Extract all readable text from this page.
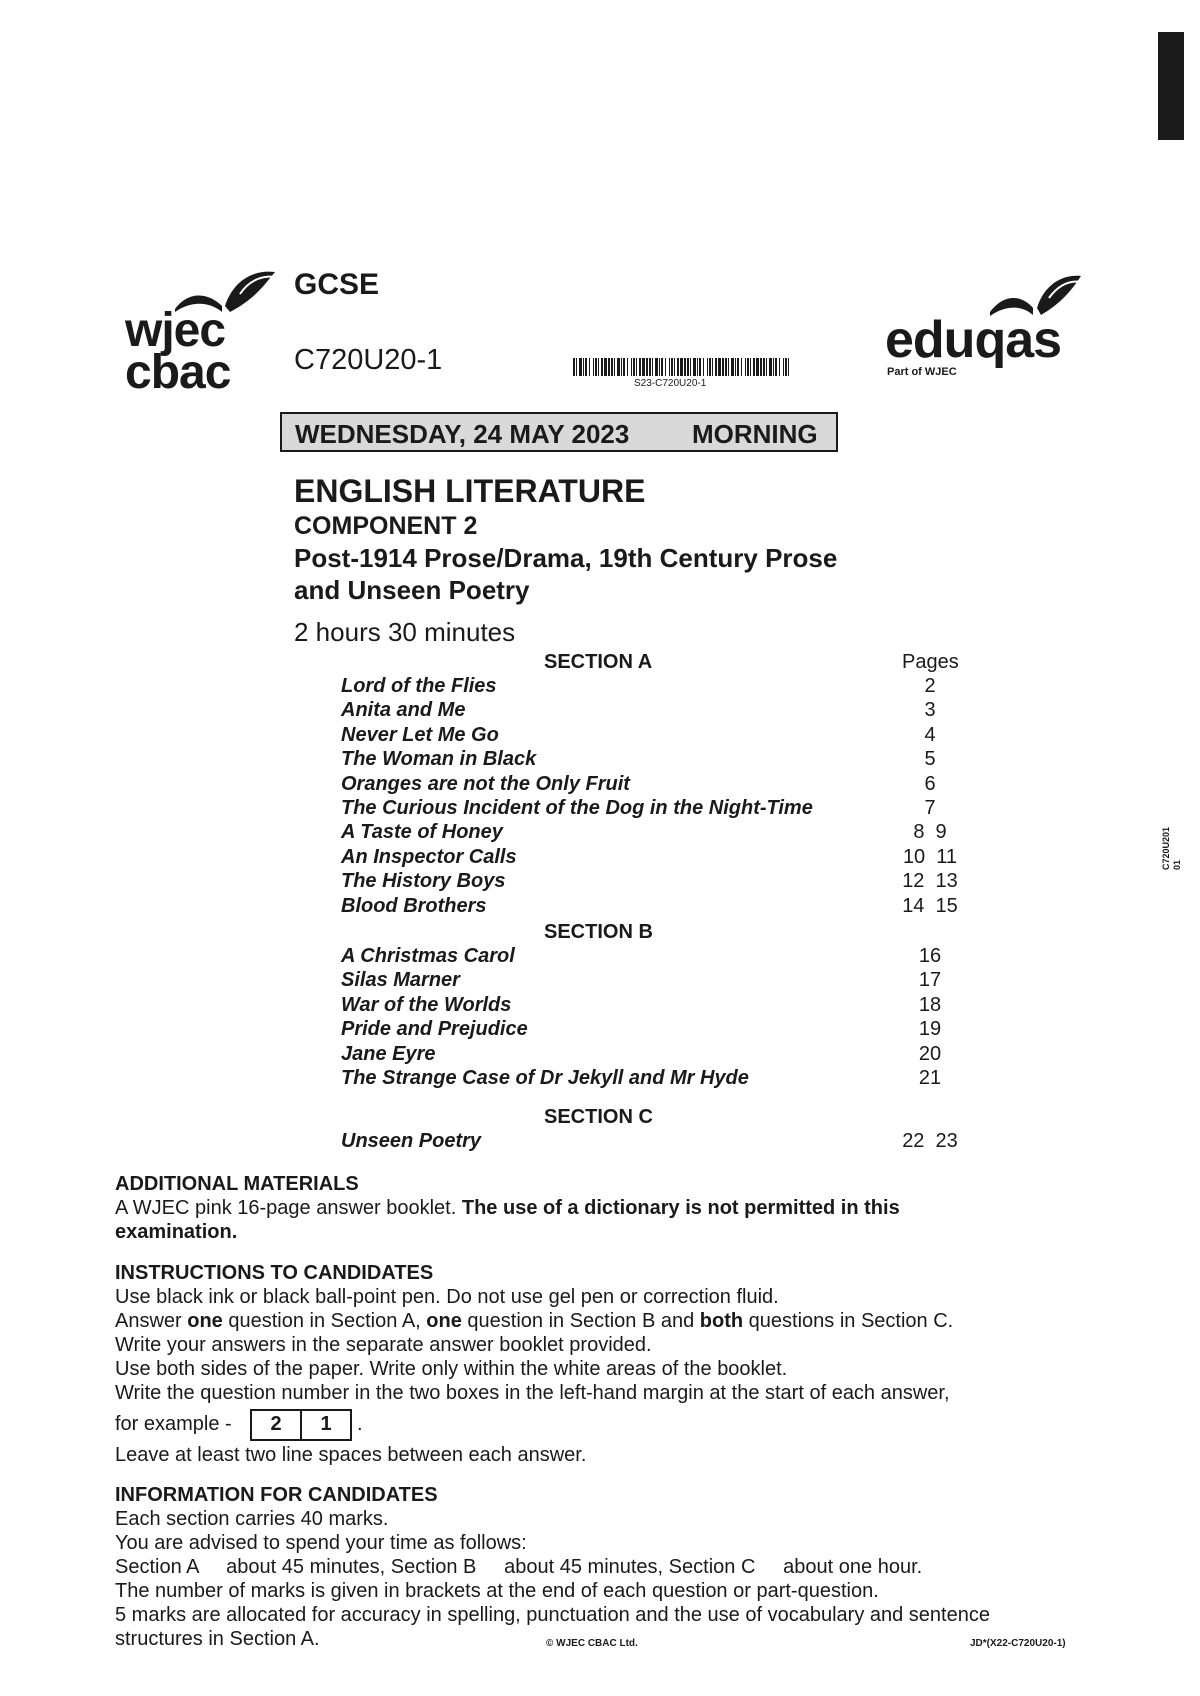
C720U201
01
wjec
cbac
eduqas
Part of WJEC
GCSE
C720U20-1
S23-C720U20-1
WEDNESDAY, 24 MAY 2023 MORNING
ENGLISH LITERATURE
COMPONENT 2
Post-1914 Prose/Drama, 19th Century Prose
and Unseen Poetry
2 hours 30 minutes
SECTION A	Pages
Lord of the Flies	2
Anita and Me	3
Never Let Me Go	4
The Woman in Black	5
Oranges are not the Only Fruit	6
The Curious Incident of the Dog in the Night-Time	7
A Taste of Honey	8  9
An Inspector Calls	10  11
The History Boys	12  13
Blood Brothers	14  15
SECTION B
A Christmas Carol	16
Silas Marner	17
War of the Worlds	18
Pride and Prejudice	19
Jane Eyre	20
The Strange Case of Dr Jekyll and Mr Hyde	21
SECTION C
Unseen Poetry	22  23
ADDITIONAL MATERIALS
A WJEC pink 16-page answer booklet. The use of a dictionary is not permitted in this
examination.
INSTRUCTIONS TO CANDIDATES
Use black ink or black ball-point pen. Do not use gel pen or correction fluid.
Answer one question in Section A, one question in Section B and both questions in Section C.
Write your answers in the separate answer booklet provided.
Use both sides of the paper. Write only within the white areas of the booklet.
Write the question number in the two boxes in the left-hand margin at the start of each answer,
for example -	2	1	.
Leave at least two line spaces between each answer.
INFORMATION FOR CANDIDATES
Each section carries 40 marks.
You are advised to spend your time as follows:
Section A     about 45 minutes, Section B     about 45 minutes, Section C     about one hour.
The number of marks is given in brackets at the end of each question or part-question.
5 marks are allocated for accuracy in spelling, punctuation and the use of vocabulary and sentence
structures in Section A.	© WJEC CBAC Ltd.	JD*(X22-C720U20-1)
